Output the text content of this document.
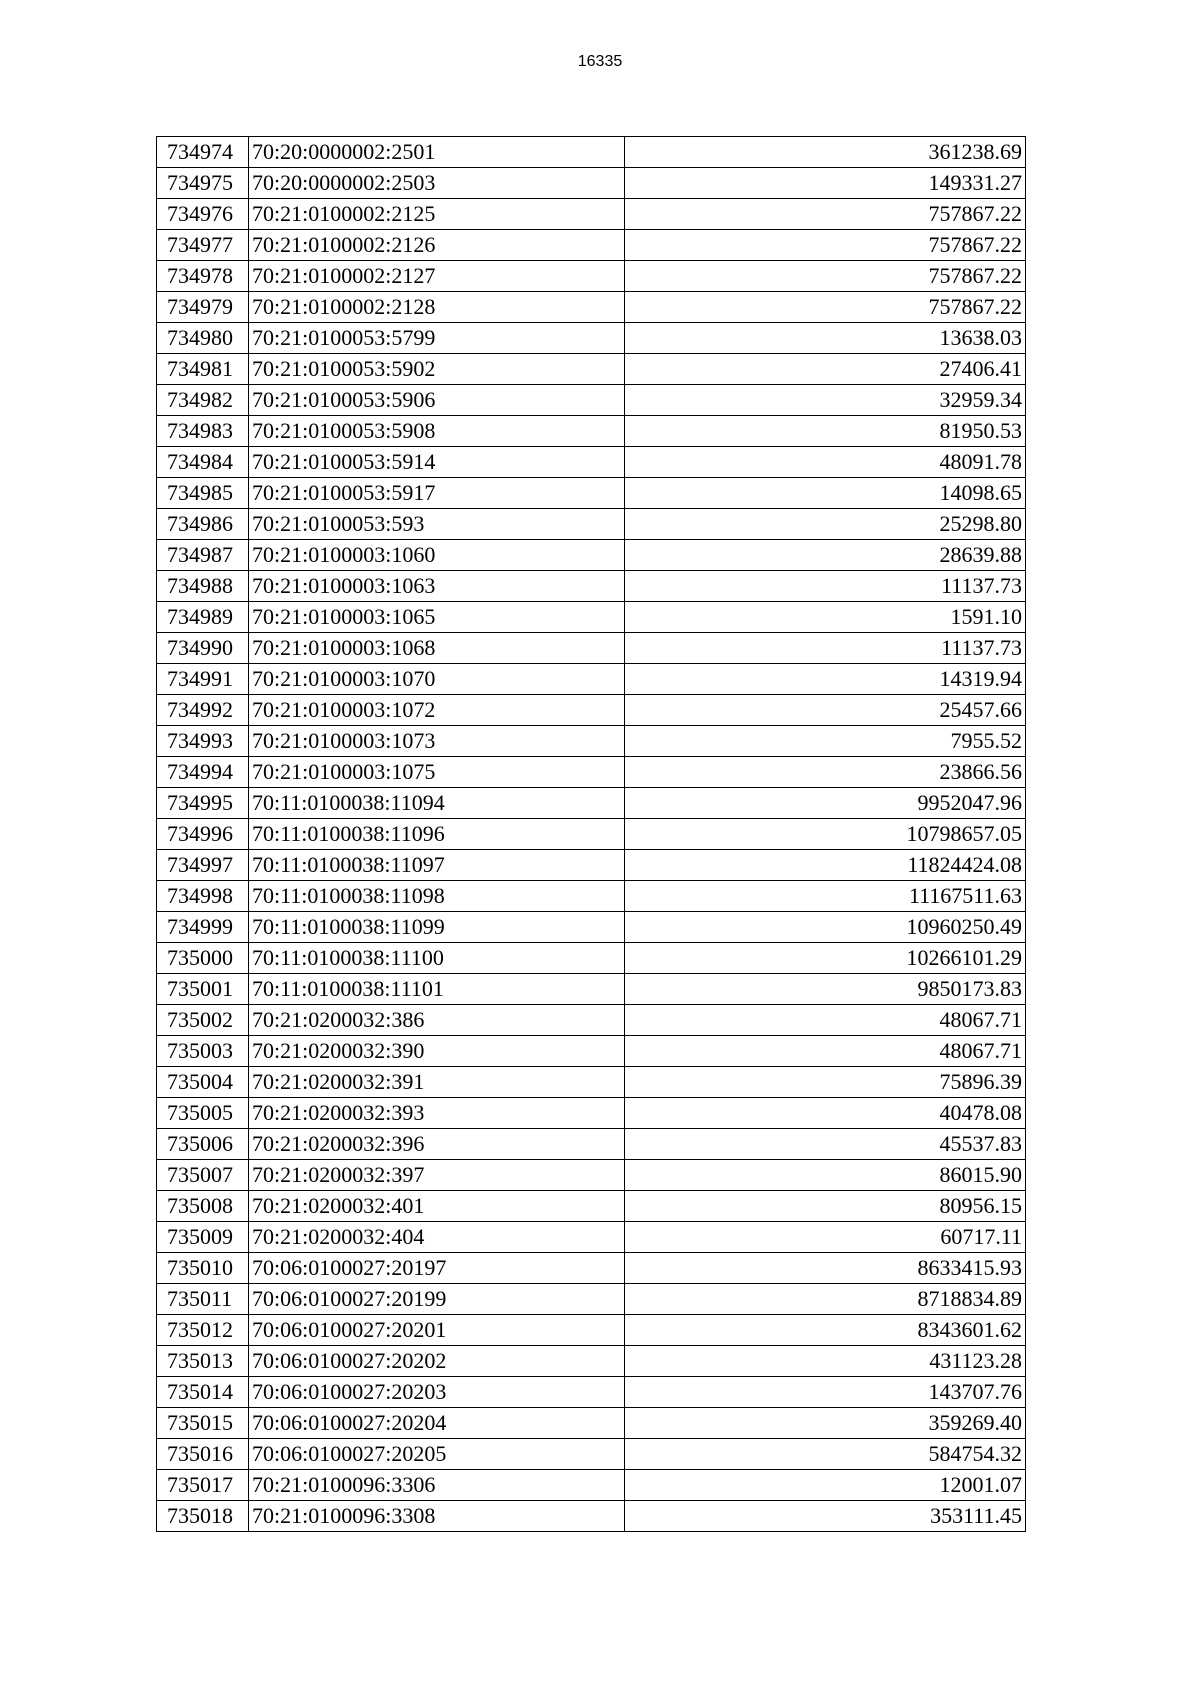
16335
734974	70:20:0000002:2501	361238.69
734975	70:20:0000002:2503	149331.27
734976	70:21:0100002:2125	757867.22
734977	70:21:0100002:2126	757867.22
734978	70:21:0100002:2127	757867.22
734979	70:21:0100002:2128	757867.22
734980	70:21:0100053:5799	13638.03
734981	70:21:0100053:5902	27406.41
734982	70:21:0100053:5906	32959.34
734983	70:21:0100053:5908	81950.53
734984	70:21:0100053:5914	48091.78
734985	70:21:0100053:5917	14098.65
734986	70:21:0100053:593	25298.80
734987	70:21:0100003:1060	28639.88
734988	70:21:0100003:1063	11137.73
734989	70:21:0100003:1065	1591.10
734990	70:21:0100003:1068	11137.73
734991	70:21:0100003:1070	14319.94
734992	70:21:0100003:1072	25457.66
734993	70:21:0100003:1073	7955.52
734994	70:21:0100003:1075	23866.56
734995	70:11:0100038:11094	9952047.96
734996	70:11:0100038:11096	10798657.05
734997	70:11:0100038:11097	11824424.08
734998	70:11:0100038:11098	11167511.63
734999	70:11:0100038:11099	10960250.49
735000	70:11:0100038:11100	10266101.29
735001	70:11:0100038:11101	9850173.83
735002	70:21:0200032:386	48067.71
735003	70:21:0200032:390	48067.71
735004	70:21:0200032:391	75896.39
735005	70:21:0200032:393	40478.08
735006	70:21:0200032:396	45537.83
735007	70:21:0200032:397	86015.90
735008	70:21:0200032:401	80956.15
735009	70:21:0200032:404	60717.11
735010	70:06:0100027:20197	8633415.93
735011	70:06:0100027:20199	8718834.89
735012	70:06:0100027:20201	8343601.62
735013	70:06:0100027:20202	431123.28
735014	70:06:0100027:20203	143707.76
735015	70:06:0100027:20204	359269.40
735016	70:06:0100027:20205	584754.32
735017	70:21:0100096:3306	12001.07
735018	70:21:0100096:3308	353111.45
